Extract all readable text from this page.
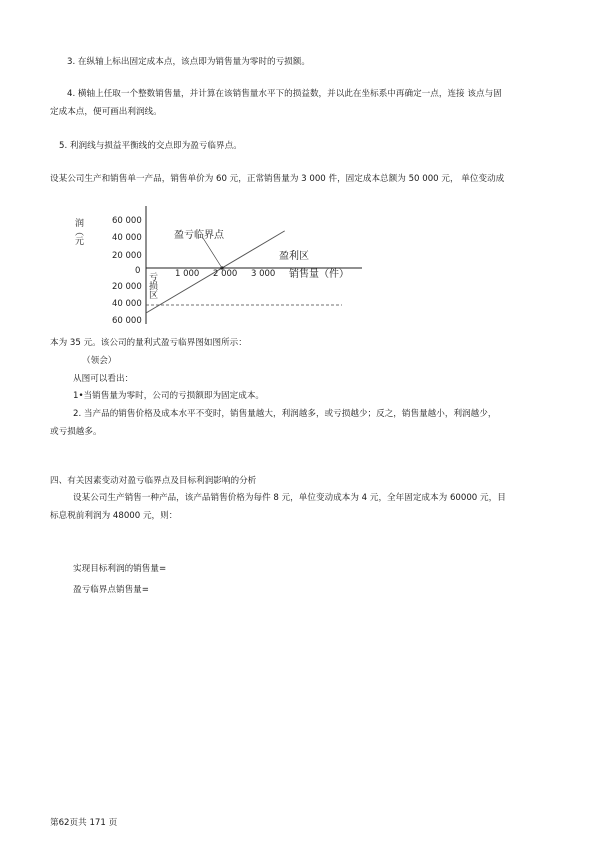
3. 在纵轴上标出固定成本点，该点即为销售量为零时的亏损额。
4. 横轴上任取一个整数销售量，并计算在该销售量水平下的损益数，并以此在坐标系中再确定一点，连接 该点与固
定成本点，便可画出利润线。
5. 利润线与损益平衡线的交点即为盈亏临界点。
设某公司生产和销售单一产品，销售单价为 60 元，正常销售量为 3 000 件，固定成本总额为 50 000 元， 单位变动成
润（元
亏损区
60 000
40 000
20 000
0
20 000
40 000
60 000
1 000 2 000 3 000 销售量（件）
盈利区
盈亏临界点
本为 35 元。该公司的量利式盈亏临界图如图所示：
（领会）
从图可以看出：
1•当销售量为零时，公司的亏损额即为固定成本。
2. 当产品的销售价格及成本水平不变时，销售量越大，利润越多，或亏损越少；反之，销售量越小，利润越少，
或亏损越多。
四、有关因素变动对盈亏临界点及目标利润影响的分析
设某公司生产销售一种产品，该产品销售价格为每件 8 元，单位变动成本为 4 元，全年固定成本为 60000 元，目
标息税前利润为 48000 元，则：
实现目标利润的销售量=
盈亏临界点销售量=
第62页共 171 页
